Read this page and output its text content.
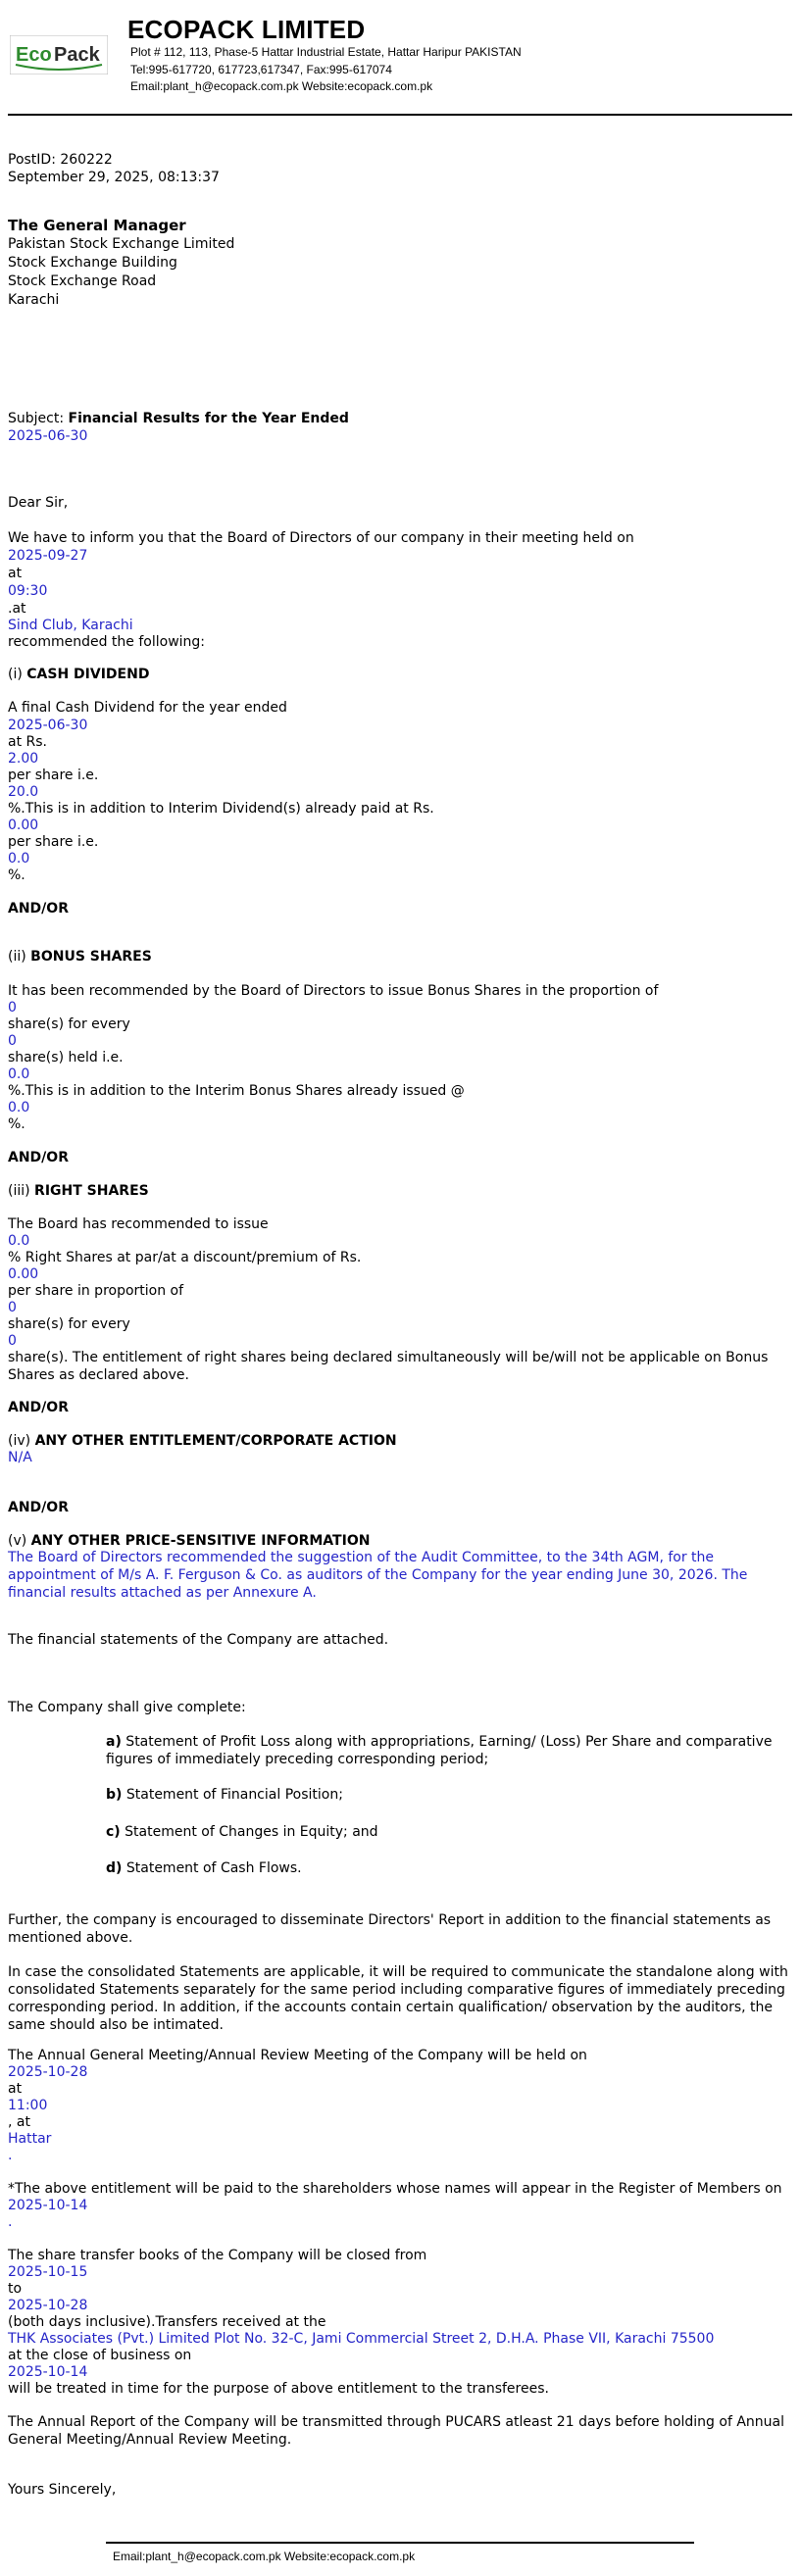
Eco Pack
ECOPACK LIMITED
Plot # 112, 113, Phase-5 Hattar Industrial Estate, Hattar Haripur PAKISTAN
Tel:995-617720, 617723,617347, Fax:995-617074
Email:plant_h@ecopack.com.pk Website:ecopack.com.pk
PostID: 260222
September 29, 2025, 08:13:37
The General Manager
Pakistan Stock Exchange Limited
Stock Exchange Building
Stock Exchange Road
Karachi
Subject: Financial Results for the Year Ended
2025-06-30
Dear Sir,
We have to inform you that the Board of Directors of our company in their meeting held on
2025-09-27
at
09:30
.at
Sind Club, Karachi
recommended the following:
(i) CASH DIVIDEND
A final Cash Dividend for the year ended
2025-06-30
at Rs.
2.00
per share i.e.
20.0
%.This is in addition to Interim Dividend(s) already paid at Rs.
0.00
per share i.e.
0.0
%.
AND/OR
(ii) BONUS SHARES
It has been recommended by the Board of Directors to issue Bonus Shares in the proportion of
0
share(s) for every
0
share(s) held i.e.
0.0
%.This is in addition to the Interim Bonus Shares already issued @
0.0
%.
AND/OR
(iii) RIGHT SHARES
The Board has recommended to issue
0.0
% Right Shares at par/at a discount/premium of Rs.
0.00
per share in proportion of
0
share(s) for every
0
share(s). The entitlement of right shares being declared simultaneously will be/will not be applicable on Bonus Shares as declared above.
AND/OR
(iv) ANY OTHER ENTITLEMENT/CORPORATE ACTION
N/A
AND/OR
(v) ANY OTHER PRICE-SENSITIVE INFORMATION
The Board of Directors recommended the suggestion of the Audit Committee, to the 34th AGM, for the appointment of M/s A. F. Ferguson & Co. as auditors of the Company for the year ending June 30, 2026. The financial results attached as per Annexure A.
The financial statements of the Company are attached.
The Company shall give complete:
a) Statement of Profit Loss along with appropriations, Earning/ (Loss) Per Share and comparative figures of immediately preceding corresponding period;
b) Statement of Financial Position;
c) Statement of Changes in Equity; and
d) Statement of Cash Flows.
Further, the company is encouraged to disseminate Directors' Report in addition to the financial statements as mentioned above.
In case the consolidated Statements are applicable, it will be required to communicate the standalone along with consolidated Statements separately for the same period including comparative figures of immediately preceding corresponding period. In addition, if the accounts contain certain qualification/ observation by the auditors, the same should also be intimated.
The Annual General Meeting/Annual Review Meeting of the Company will be held on
2025-10-28
at
11:00
, at
Hattar
.
*The above entitlement will be paid to the shareholders whose names will appear in the Register of Members on
2025-10-14
.
The share transfer books of the Company will be closed from
2025-10-15
to
2025-10-28
(both days inclusive).Transfers received at the
THK Associates (Pvt.) Limited Plot No. 32-C, Jami Commercial Street 2, D.H.A. Phase VII, Karachi 75500
at the close of business on
2025-10-14
will be treated in time for the purpose of above entitlement to the transferees.
The Annual Report of the Company will be transmitted through PUCARS atleast 21 days before holding of Annual General Meeting/Annual Review Meeting.
Yours Sincerely,
Email:plant_h@ecopack.com.pk Website:ecopack.com.pk
